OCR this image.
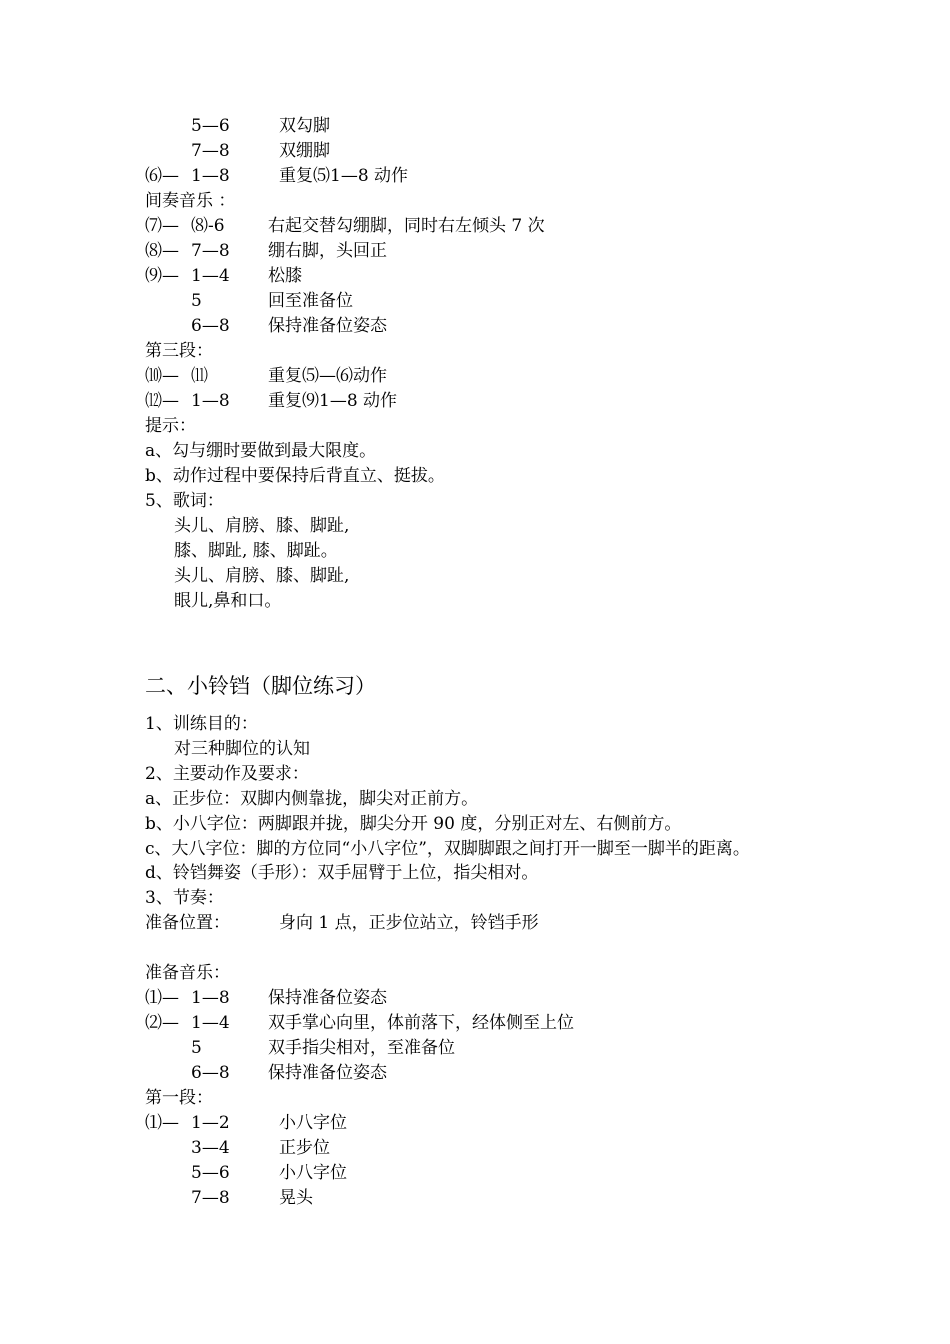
5—6	双勾脚
7—8	双绷脚
⑹— 1—8	重复⑸1—8 动作
间奏音乐 ：
⑺— ⑻-6	右起交替勾绷脚，同时右左倾头 7 次
⑻— 7—8 绷右脚，头回正
⑼— 1—4 松膝
5	回至准备位
6—8 保持准备位姿态
第三段：
⑽— ⑾	重复⑸—⑹动作
⑿— 1—8 重复⑼1—8 动作
提示：
a、勾与绷时要做到最大限度。
b、动作过程中要保持后背直立、挺拔。
5、歌词：
头儿、肩膀、膝、脚趾,
膝、脚趾, 膝、脚趾。
头儿、肩膀、膝、脚趾,
眼儿,鼻和口。
二、小铃铛（脚位练习）
1、训练目的：
对三种脚位的认知
2、主要动作及要求：
a、正步位：双脚内侧靠拢，脚尖对正前方。
b、小八字位：两脚跟并拢，脚尖分开 90 度，分别正对左、右侧前方。
c、大八字位：脚的方位同“小八字位”，双脚脚跟之间打开一脚至一脚半的距离。
d、铃铛舞姿（手形）：双手屈臂于上位，指尖相对。
3、节奏：
准备位置：	身向 1 点，正步位站立，铃铛手形
准备音乐：
⑴— 1—8 保持准备位姿态
⑵— 1—4 双手掌心向里，体前落下，经体侧至上位
5	双手指尖相对，至准备位
6—8 保持准备位姿态
第一段：
⑴— 1—2	小八字位
3—4	正步位
5—6	小八字位
7—8	晃头
